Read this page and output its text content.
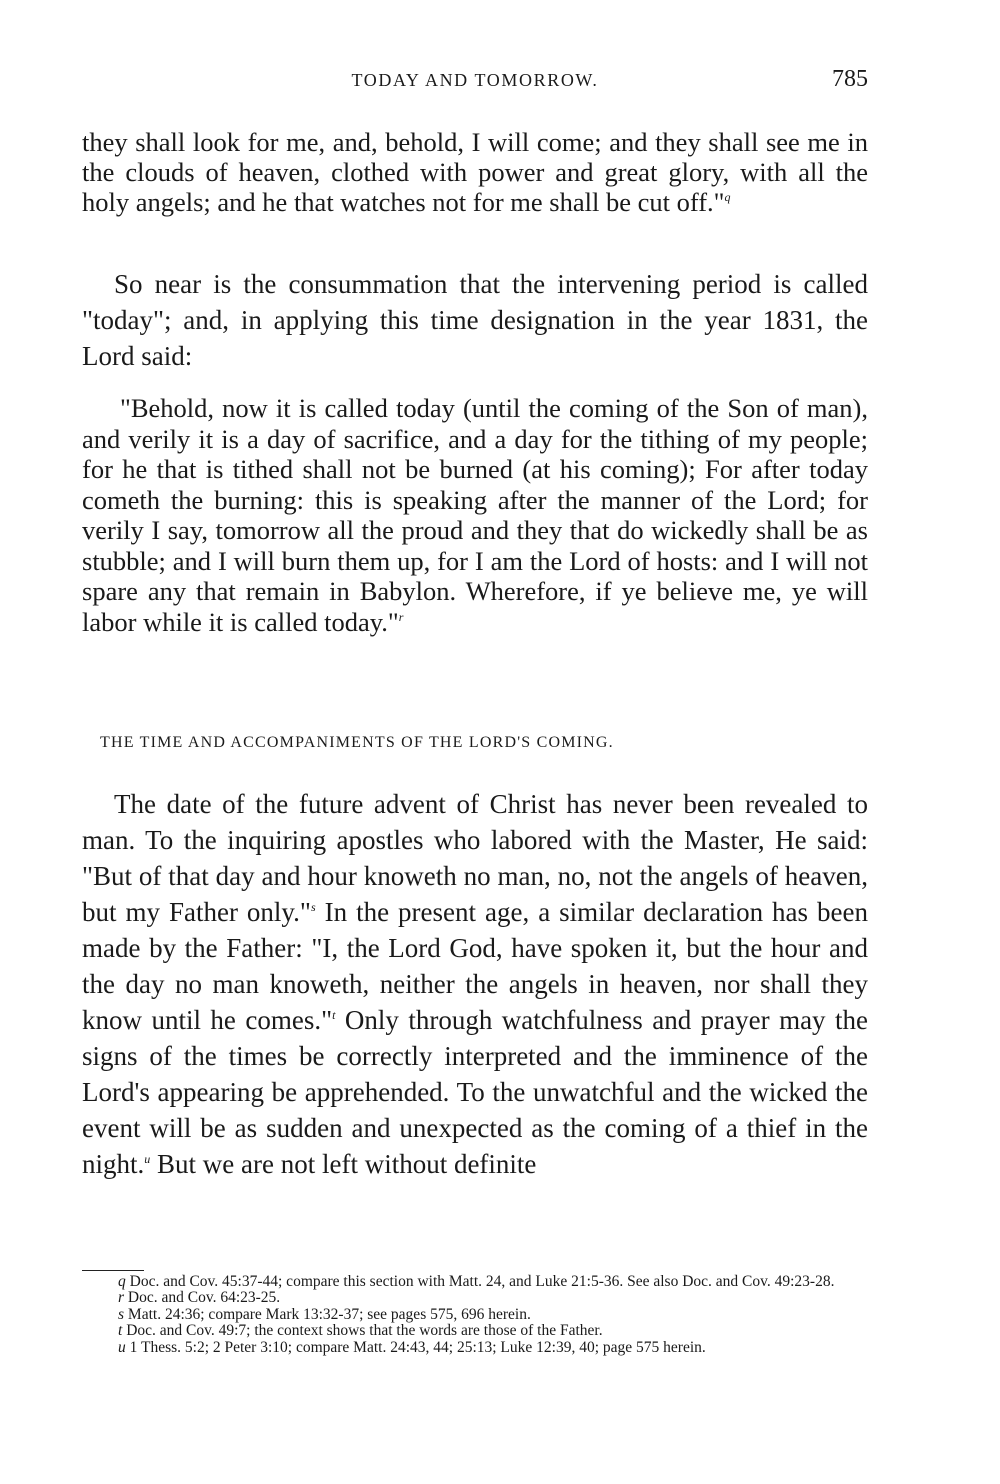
TODAY AND TOMORROW.	785

they shall look for me, and, behold, I will come; and they shall see me in the clouds of heaven, clothed with power and great glory, with all the holy angels; and he that watches not for me shall be cut off."$^q$

So near is the consummation that the intervening period is called "today"; and, in applying this time designation in the year 1831, the Lord said:

"Behold, now it is called today (until the coming of the Son of man), and verily it is a day of sacrifice, and a day for the tithing of my people; for he that is tithed shall not be burned (at his coming); For after today cometh the burning: this is speaking after the manner of the Lord; for verily I say, tomorrow all the proud and they that do wickedly shall be as stubble; and I will burn them up, for I am the Lord of hosts: and I will not spare any that remain in Babylon. Wherefore, if ye believe me, ye will labor while it is called today."$^r$

THE TIME AND ACCOMPANIMENTS OF THE LORD'S COMING.

The date of the future advent of Christ has never been revealed to man. To the inquiring apostles who labored with the Master, He said: "But of that day and hour knoweth no man, no, not the angels of heaven, but my Father only."$^s$ In the present age, a similar declaration has been made by the Father: "I, the Lord God, have spoken it, but the hour and the day no man knoweth, neither the angels in heaven, nor shall they know until he comes."$^t$ Only through watchfulness and prayer may the signs of the times be correctly interpreted and the imminence of the Lord's appearing be apprehended. To the unwatchful and the wicked the event will be as sudden and unexpected as the coming of a thief in the night.$^u$ But we are not left without definite

q Doc. and Cov. 45:37-44; compare this section with Matt. 24, and Luke 21:5-36. See also Doc. and Cov. 49:23-28.

r Doc. and Cov. 64:23-25.

s Matt. 24:36; compare Mark 13:32-37; see pages 575, 696 herein.

t Doc. and Cov. 49:7; the context shows that the words are those of the Father.

u 1 Thess. 5:2; 2 Peter 3:10; compare Matt. 24:43, 44; 25:13; Luke 12:39, 40; page 575 herein.
